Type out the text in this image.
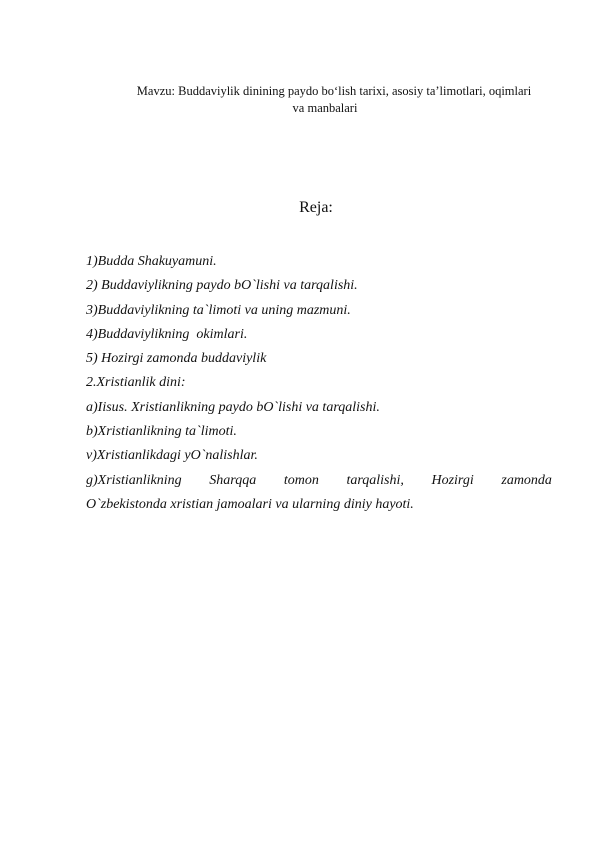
Mavzu: Buddaviylik dinining paydo boʻlish tarixi, asosiy taʼlimotlari, oqimlari
va manbalari
Reja:
1)Budda Shakuyamuni.
2) Buddaviylikning paydo bO`lishi va tarqalishi.
3)Buddaviylikning ta`limoti va uning mazmuni.
4)Buddaviylikning  okimlari.
5) Hozirgi zamonda buddaviylik
2.Xristianlik dini:
a)Iisus. Xristianlikning paydo bO`lishi va tarqalishi.
b)Xristianlikning ta`limoti.
v)Xristianlikdagi yO`nalishlar.
g)Xristianlikning Sharqqa tomon tarqalishi, Hozirgi zamonda
O`zbekistonda xristian jamoalari va ularning diniy hayoti.
